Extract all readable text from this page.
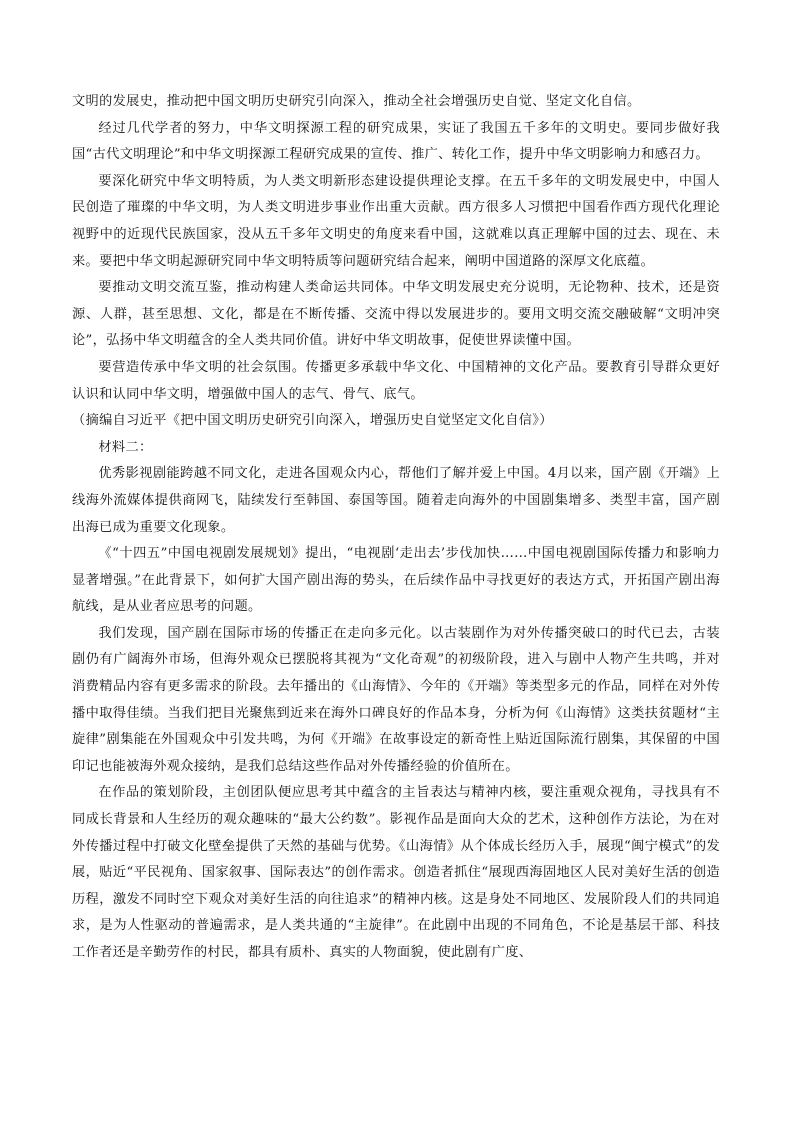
文明的发展史，推动把中国文明历史研究引向深入，推动全社会增强历史自觉、坚定文化自信。

经过几代学者的努力，中华文明探源工程的研究成果，实证了我国五千多年的文明史。要同步做好我国“古代文明理论”和中华文明探源工程研究成果的宣传、推广、转化工作，提升中华文明影响力和感召力。

要深化研究中华文明特质，为人类文明新形态建设提供理论支撑。在五千多年的文明发展史中，中国人民创造了璀璨的中华文明，为人类文明进步事业作出重大贡献。西方很多人习惯把中国看作西方现代化理论视野中的近现代民族国家，没从五千多年文明史的角度来看中国，这就难以真正理解中国的过去、现在、未来。要把中华文明起源研究同中华文明特质等问题研究结合起来，阐明中国道路的深厚文化底蕴。

要推动文明交流互鉴，推动构建人类命运共同体。中华文明发展史充分说明，无论物种、技术，还是资源、人群，甚至思想、文化，都是在不断传播、交流中得以发展进步的。要用文明交流交融破解“文明冲突论”，弘扬中华文明蕴含的全人类共同价值。讲好中华文明故事，促使世界读懂中国。

要营造传承中华文明的社会氛围。传播更多承载中华文化、中国精神的文化产品。要教育引导群众更好认识和认同中华文明，增强做中国人的志气、骨气、底气。

（摘编自习近平《把中国文明历史研究引向深入，增强历史自觉坚定文化自信》）

材料二：

优秀影视剧能跨越不同文化，走进各国观众内心，帮他们了解并爱上中国。4月以来，国产剧《开端》上线海外流媒体提供商网飞，陆续发行至韩国、泰国等国。随着走向海外的中国剧集增多、类型丰富，国产剧出海已成为重要文化现象。

《“十四五”中国电视剧发展规划》提出，“电视剧‘走出去’步伐加快……中国电视剧国际传播力和影响力显著增强。”在此背景下，如何扩大国产剧出海的势头，在后续作品中寻找更好的表达方式，开拓国产剧出海航线，是从业者应思考的问题。

我们发现，国产剧在国际市场的传播正在走向多元化。以古装剧作为对外传播突破口的时代已去，古装剧仍有广阔海外市场，但海外观众已摆脱将其视为“文化奇观”的初级阶段，进入与剧中人物产生共鸣，并对消费精品内容有更多需求的阶段。去年播出的《山海情》、今年的《开端》等类型多元的作品，同样在对外传播中取得佳绩。当我们把目光聚焦到近来在海外口碑良好的作品本身，分析为何《山海情》这类扶贫题材“主旋律”剧集能在外国观众中引发共鸣，为何《开端》在故事设定的新奇性上贴近国际流行剧集，其保留的中国印记也能被海外观众接纳，是我们总结这些作品对外传播经验的价值所在。

在作品的策划阶段，主创团队便应思考其中蕴含的主旨表达与精神内核，要注重观众视角，寻找具有不同成长背景和人生经历的观众趣味的“最大公约数”。影视作品是面向大众的艺术，这种创作方法论，为在对外传播过程中打破文化壁垒提供了天然的基础与优势。《山海情》从个体成长经历入手，展现“闽宁模式”的发展，贴近“平民视角、国家叙事、国际表达”的创作需求。创造者抓住“展现西海固地区人民对美好生活的创造历程，激发不同时空下观众对美好生活的向往追求”的精神内核。这是身处不同地区、发展阶段人们的共同追求，是为人性驱动的普遍需求，是人类共通的“主旋律”。在此剧中出现的不同角色，不论是基层干部、科技工作者还是辛勤劳作的村民，都具有质朴、真实的人物面貌，使此剧有广度、
